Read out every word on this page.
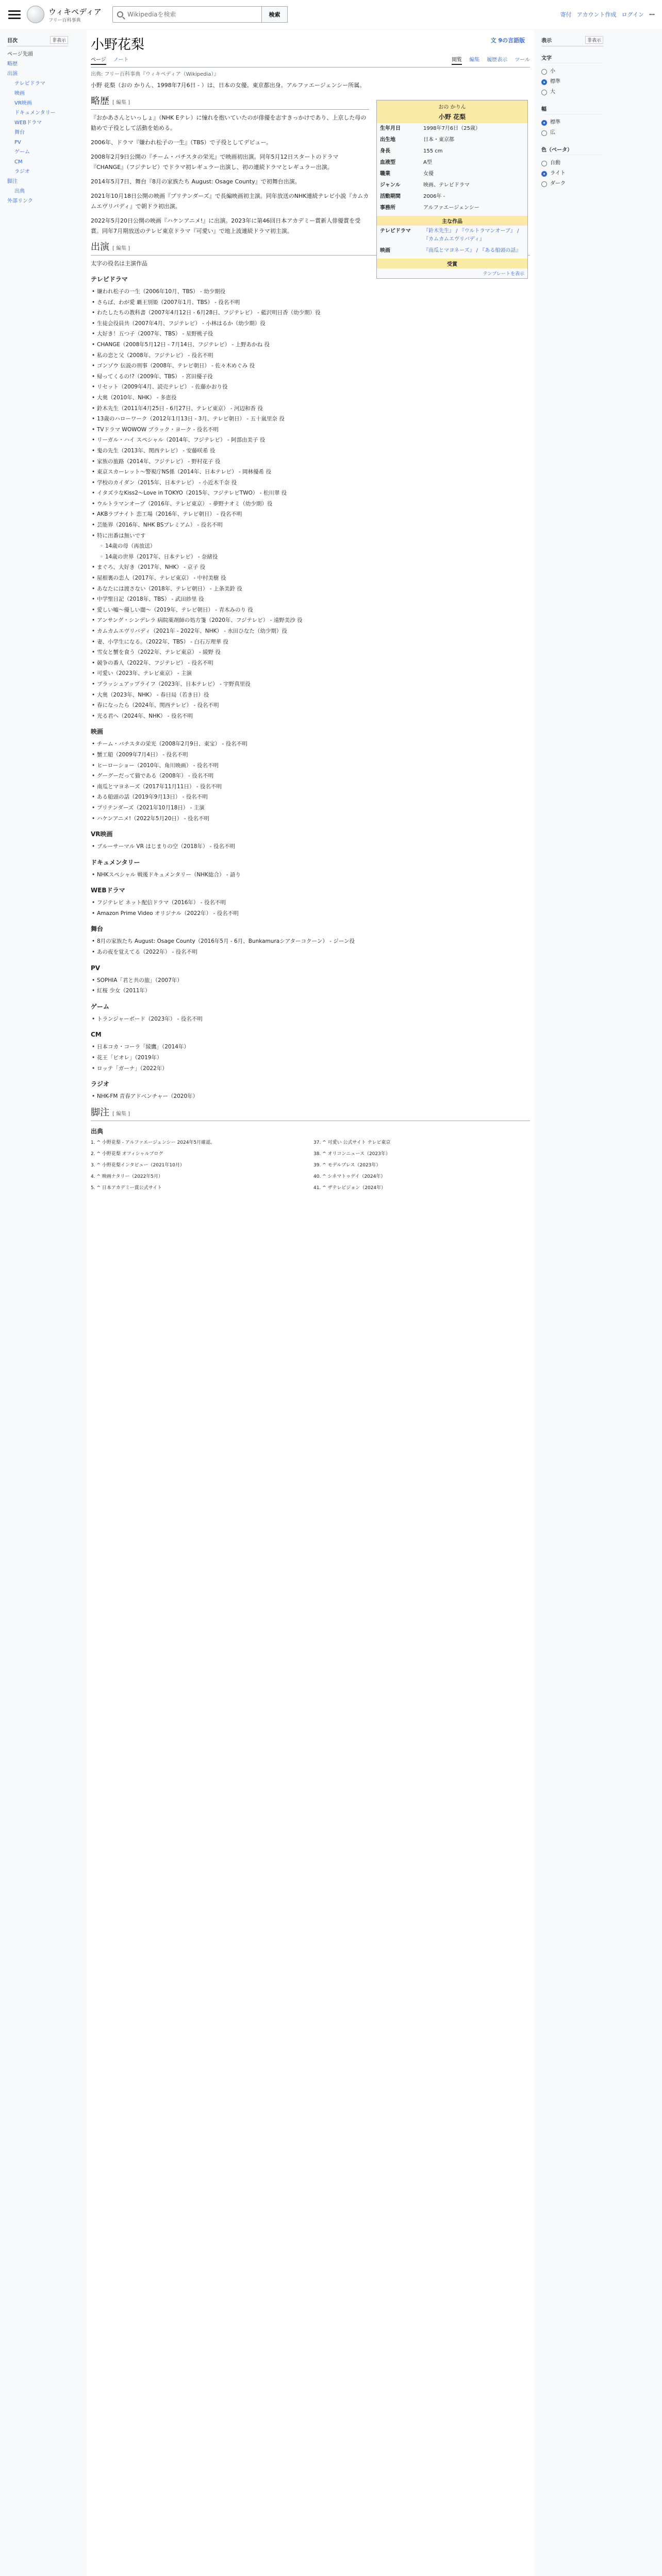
ウィキペディア
フリー百科事典
Wikipediaを検索
検索	寄付 アカウント作成 ログイン ⋯
目次	非表示
ページ先頭
略歴
出演
テレビドラマ
映画
VR映画
ドキュメンタリー
WEBドラマ
舞台
PV
ゲーム
CM
ラジオ
脚注
出典
外部リンク
小野花梨	文 9の言語版
ページ ノート	閲覧 編集 履歴表示 ツール
出典: フリー百科事典『ウィキペディア（Wikipedia）』

小野 花梨（おの かりん、1998年7月6日 - ）は、日本の女優。東京都出身。アルファエージェンシー所属。

略歴 [ 編集 ]

『おかあさんといっしょ』（NHK Eテレ）に憧れを抱いていたのが俳優を志すきっかけであり、上京した母の勧めで子役として活動を始める。

2006年、ドラマ『嫌われ松子の一生』（TBS）で子役としてデビュー。

2008年2月9日公開の『チーム・バチスタの栄光』で映画初出演。同年5月12日スタートのドラマ『CHANGE』（フジテレビ）でドラマ初レギュラー出演し、初の連続ドラマとレギュラー出演。

2014年5月7日、舞台『8月の家族たち August: Osage County』で初舞台出演。

2021年10月18日公開の映画『プリテンダーズ』で長編映画初主演。同年放送のNHK連続テレビ小説『カムカムエヴリバディ』で朝ドラ初出演。

2022年5月20日公開の映画『ハケンアニメ!』に出演。2023年に第46回日本アカデミー賞新人俳優賞を受賞。同年7月期放送のテレビ東京ドラマ『可愛い』で地上波連続ドラマ初主演。

出演 [ 編集 ]

太字の役名は主演作品

テレビドラマ
• 嫌われ松子の一生（2006年10月、TBS） - 幼少期役
• さらば、わが愛 覇王別姫（2007年1月、TBS） - 役名不明
• わたしたちの教科書（2007年4月12日 - 6月28日、フジテレビ） - 藍沢明日香（幼少期）役
• 生徒会役員共（2007年4月、フジテレビ） - 小林はるか（幼少期）役
• 大好き！五つ子（2007年、TBS） - 星野桃子役
• CHANGE（2008年5月12日 - 7月14日、フジテレビ） - 上野あかね 役
• 私の恋と父（2008年、フジテレビ） - 役名不明
• ゴンゾウ 伝説の刑事（2008年、テレビ朝日） - 佐々木めぐみ 役
• 帰ってくるの!?（2009年、TBS） - 宮田優子役
• リセット（2009年4月、読売テレビ） - 佐藤かおり役
• 大奥（2010年、NHK） - 多恵役
• 鈴木先生（2011年4月25日 - 6月27日、テレビ東京） - 河辺和香 役
• 13歳のハローワーク（2012年1月13日 - 3月、テレビ朝日） - 五十嵐里奈 役
• TVドラマ WOWOW ブラック・ヨーク - 役名不明
• リーガル・ハイ スペシャル（2014年、フジテレビ） - 阿部由美子 役
• 鬼の先生（2013年、関西テレビ） - 安藤咲希 役
• 家族の旅路（2014年、フジテレビ） - 野村花子 役
• 東京スカーレット〜警視庁NS係（2014年、日本テレビ） - 岡林優希 役
• 学校のカイダン（2015年、日本テレビ） - 小近木千奈 役
• イタズラなKiss2〜Love in TOKYO（2015年、フジテレビTWO） - 松川翠 役
• ウルトラマンオーブ（2016年、テレビ東京） - 夢野ナオミ（幼少期）役
• AKBラブナイト 恋工場（2016年、テレビ朝日） - 役名不明
• 芸能界（2016年、NHK BSプレミアム） - 役名不明
• 特に出番は無いです
◦ 14歳の母（再放送）
◦ 14歳の世界（2017年、日本テレビ） - 奈緒役
• まぐろ、大好き（2017年、NHK） - 京子 役
• 屋根裏の恋人（2017年、テレビ東京） - 中村美樹 役
• あなたには渡さない（2018年、テレビ朝日） - 上条美鈴 役
• 中学聖日記（2018年、TBS） - 武田紗里 役
• 愛しい嘘〜優しい闇〜（2019年、テレビ朝日） - 青木みのり 役
• アンサング・シンデレラ 病院薬剤師の処方箋（2020年、フジテレビ） - 遠野美沙 役
• カムカムエヴリバディ（2021年 - 2022年、NHK） - 水田ひなた（幼少期）役
• 妻、小学生になる。（2022年、TBS） - 白石万理華 役
• 雪女と蟹を食う（2022年、テレビ東京） - 綾野 役
• 競争の番人（2022年、フジテレビ） - 役名不明
• 可愛い（2023年、テレビ東京） - 主演
• ブラッシュアップライフ（2023年、日本テレビ） - 宇野真里役
• 大奥（2023年、NHK） - 春日局（若き日）役
• 春になったら（2024年、関西テレビ） - 役名不明
• 光る君へ（2024年、NHK） - 役名不明
映画
• チーム・バチスタの栄光（2008年2月9日、東宝） - 役名不明
• 蟹工船（2009年7月4日） - 役名不明
• ヒーローショー（2010年、角川映画） - 役名不明
• グーグーだって猫である（2008年） - 役名不明
• 南瓜とマヨネーズ（2017年11月11日） - 役名不明
• ある船頭の話（2019年9月13日） - 役名不明
• プリテンダーズ（2021年10月18日） - 主演
• ハケンアニメ!（2022年5月20日） - 役名不明
VR映画
• ブルーサーマル VR はじまりの空（2018年） - 役名不明
ドキュメンタリー
• NHKスペシャル 戦後ドキュメンタリー（NHK総合） - 語り
WEBドラマ
• フジテレビ ネット配信ドラマ（2016年） - 役名不明
• Amazon Prime Video オリジナル（2022年） - 役名不明
舞台
• 8月の家族たち August: Osage County（2016年5月 - 6月、Bunkamuraシアターコクーン） - ジーン役
• あの夜を覚えてる（2022年） - 役名不明
PV
• SOPHIA「君と共の旅」（2007年）
• 紅桜 少女（2011年）
ゲーム
• トランジャーボード（2023年） - 役名不明
CM
• 日本コカ・コーラ「綾鷹」（2014年）
• 花王「ビオレ」（2019年）
• ロッテ「ガーナ」（2022年）
ラジオ
• NHK-FM 青春アドベンチャー（2020年）
脚注 [ 編集 ]
出典
1. ^ 小野花梨 - アルファエージェンシー 2024年5月確認。
2. ^ 小野花梨 オフィシャルブログ
3. ^ 小野花梨インタビュー（2021年10月）
4. ^ 映画ナタリー（2022年5月）
5. ^ 日本アカデミー賞公式サイト
37. ^ 可愛い 公式サイト テレビ東京
38. ^ オリコンニュース（2023年）
39. ^ モデルプレス（2023年）
40. ^ シネマトゥデイ（2024年）
41. ^ ザテレビジョン（2024年）
おの かりん
小野 花梨
生年月日	1998年7月6日（25歳）
出生地	日本・東京都
身長	155 cm
血液型	A型
職業	女優
ジャンル	映画、テレビドラマ
活動期間	2006年 -
事務所	アルファエージェンシー
主な作品
テレビドラマ	『鈴木先生』 / 『ウルトラマンオーブ』 / 『カムカムエヴリバディ』
映画	『南瓜とマヨネーズ』 / 『ある船頭の話』
受賞
テンプレートを表示
表示	非表示
文字
小
標準
大
幅
標準
広
色（ベータ）
自動
ライト
ダーク
